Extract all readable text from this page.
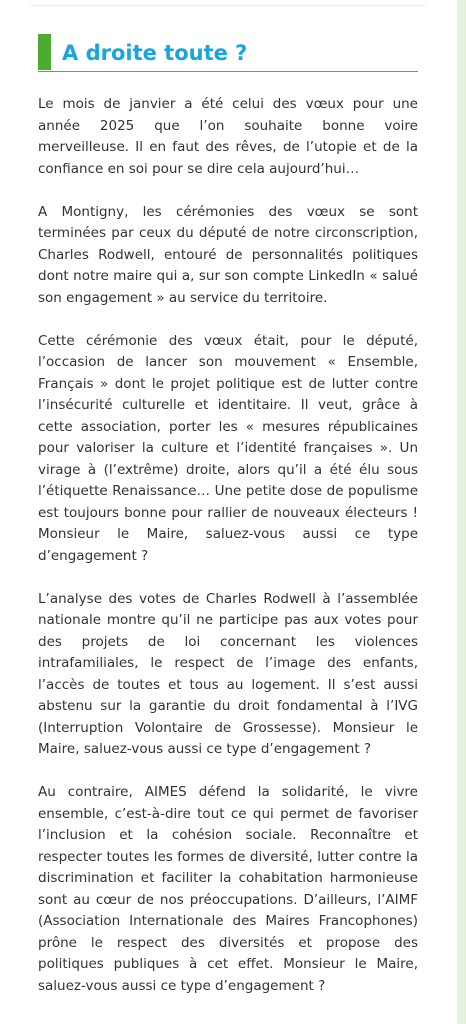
A droite toute ?

Le mois de janvier a été celui des vœux pour une année 2025 que l’on souhaite bonne voire merveilleuse. Il en faut des rêves, de l’utopie et de la confiance en soi pour se dire cela aujourd’hui…

A Montigny, les cérémonies des vœux se sont terminées par ceux du député de notre circonscription, Charles Rodwell, entouré de personnalités politiques dont notre maire qui a, sur son compte LinkedIn « salué son engagement » au service du territoire.

Cette cérémonie des vœux était, pour le député, l’occasion de lancer son mouvement « Ensemble, Français » dont le projet politique est de lutter contre l’insécurité culturelle et identitaire. Il veut, grâce à cette association, porter les « mesures républicaines pour valoriser la culture et l’identité françaises ». Un virage à (l’extrême) droite, alors qu’il a été élu sous l’étiquette Renaissance… Une petite dose de populisme est toujours bonne pour rallier de nouveaux électeurs ! Monsieur le Maire, saluez-vous aussi ce type d’engagement ?

L’analyse des votes de Charles Rodwell à l’assemblée nationale montre qu’il ne participe pas aux votes pour des projets de loi concernant les violences intrafamiliales, le respect de l’image des enfants, l’accès de toutes et tous au logement. Il s’est aussi abstenu sur la garantie du droit fondamental à l’IVG (Interruption Volontaire de Grossesse). Monsieur le Maire, saluez-vous aussi ce type d’engagement ?

Au contraire, AIMES défend la solidarité, le vivre ensemble, c’est-à-dire tout ce qui permet de favoriser l’inclusion et la cohésion sociale. Reconnaître et respecter toutes les formes de diversité, lutter contre la discrimination et faciliter la cohabitation harmonieuse sont au cœur de nos préoccupations. D’ailleurs, l’AIMF (Association Internationale des Maires Francophones) prône le respect des diversités et propose des politiques publiques à cet effet. Monsieur le Maire, saluez-vous aussi ce type d’engagement ?
